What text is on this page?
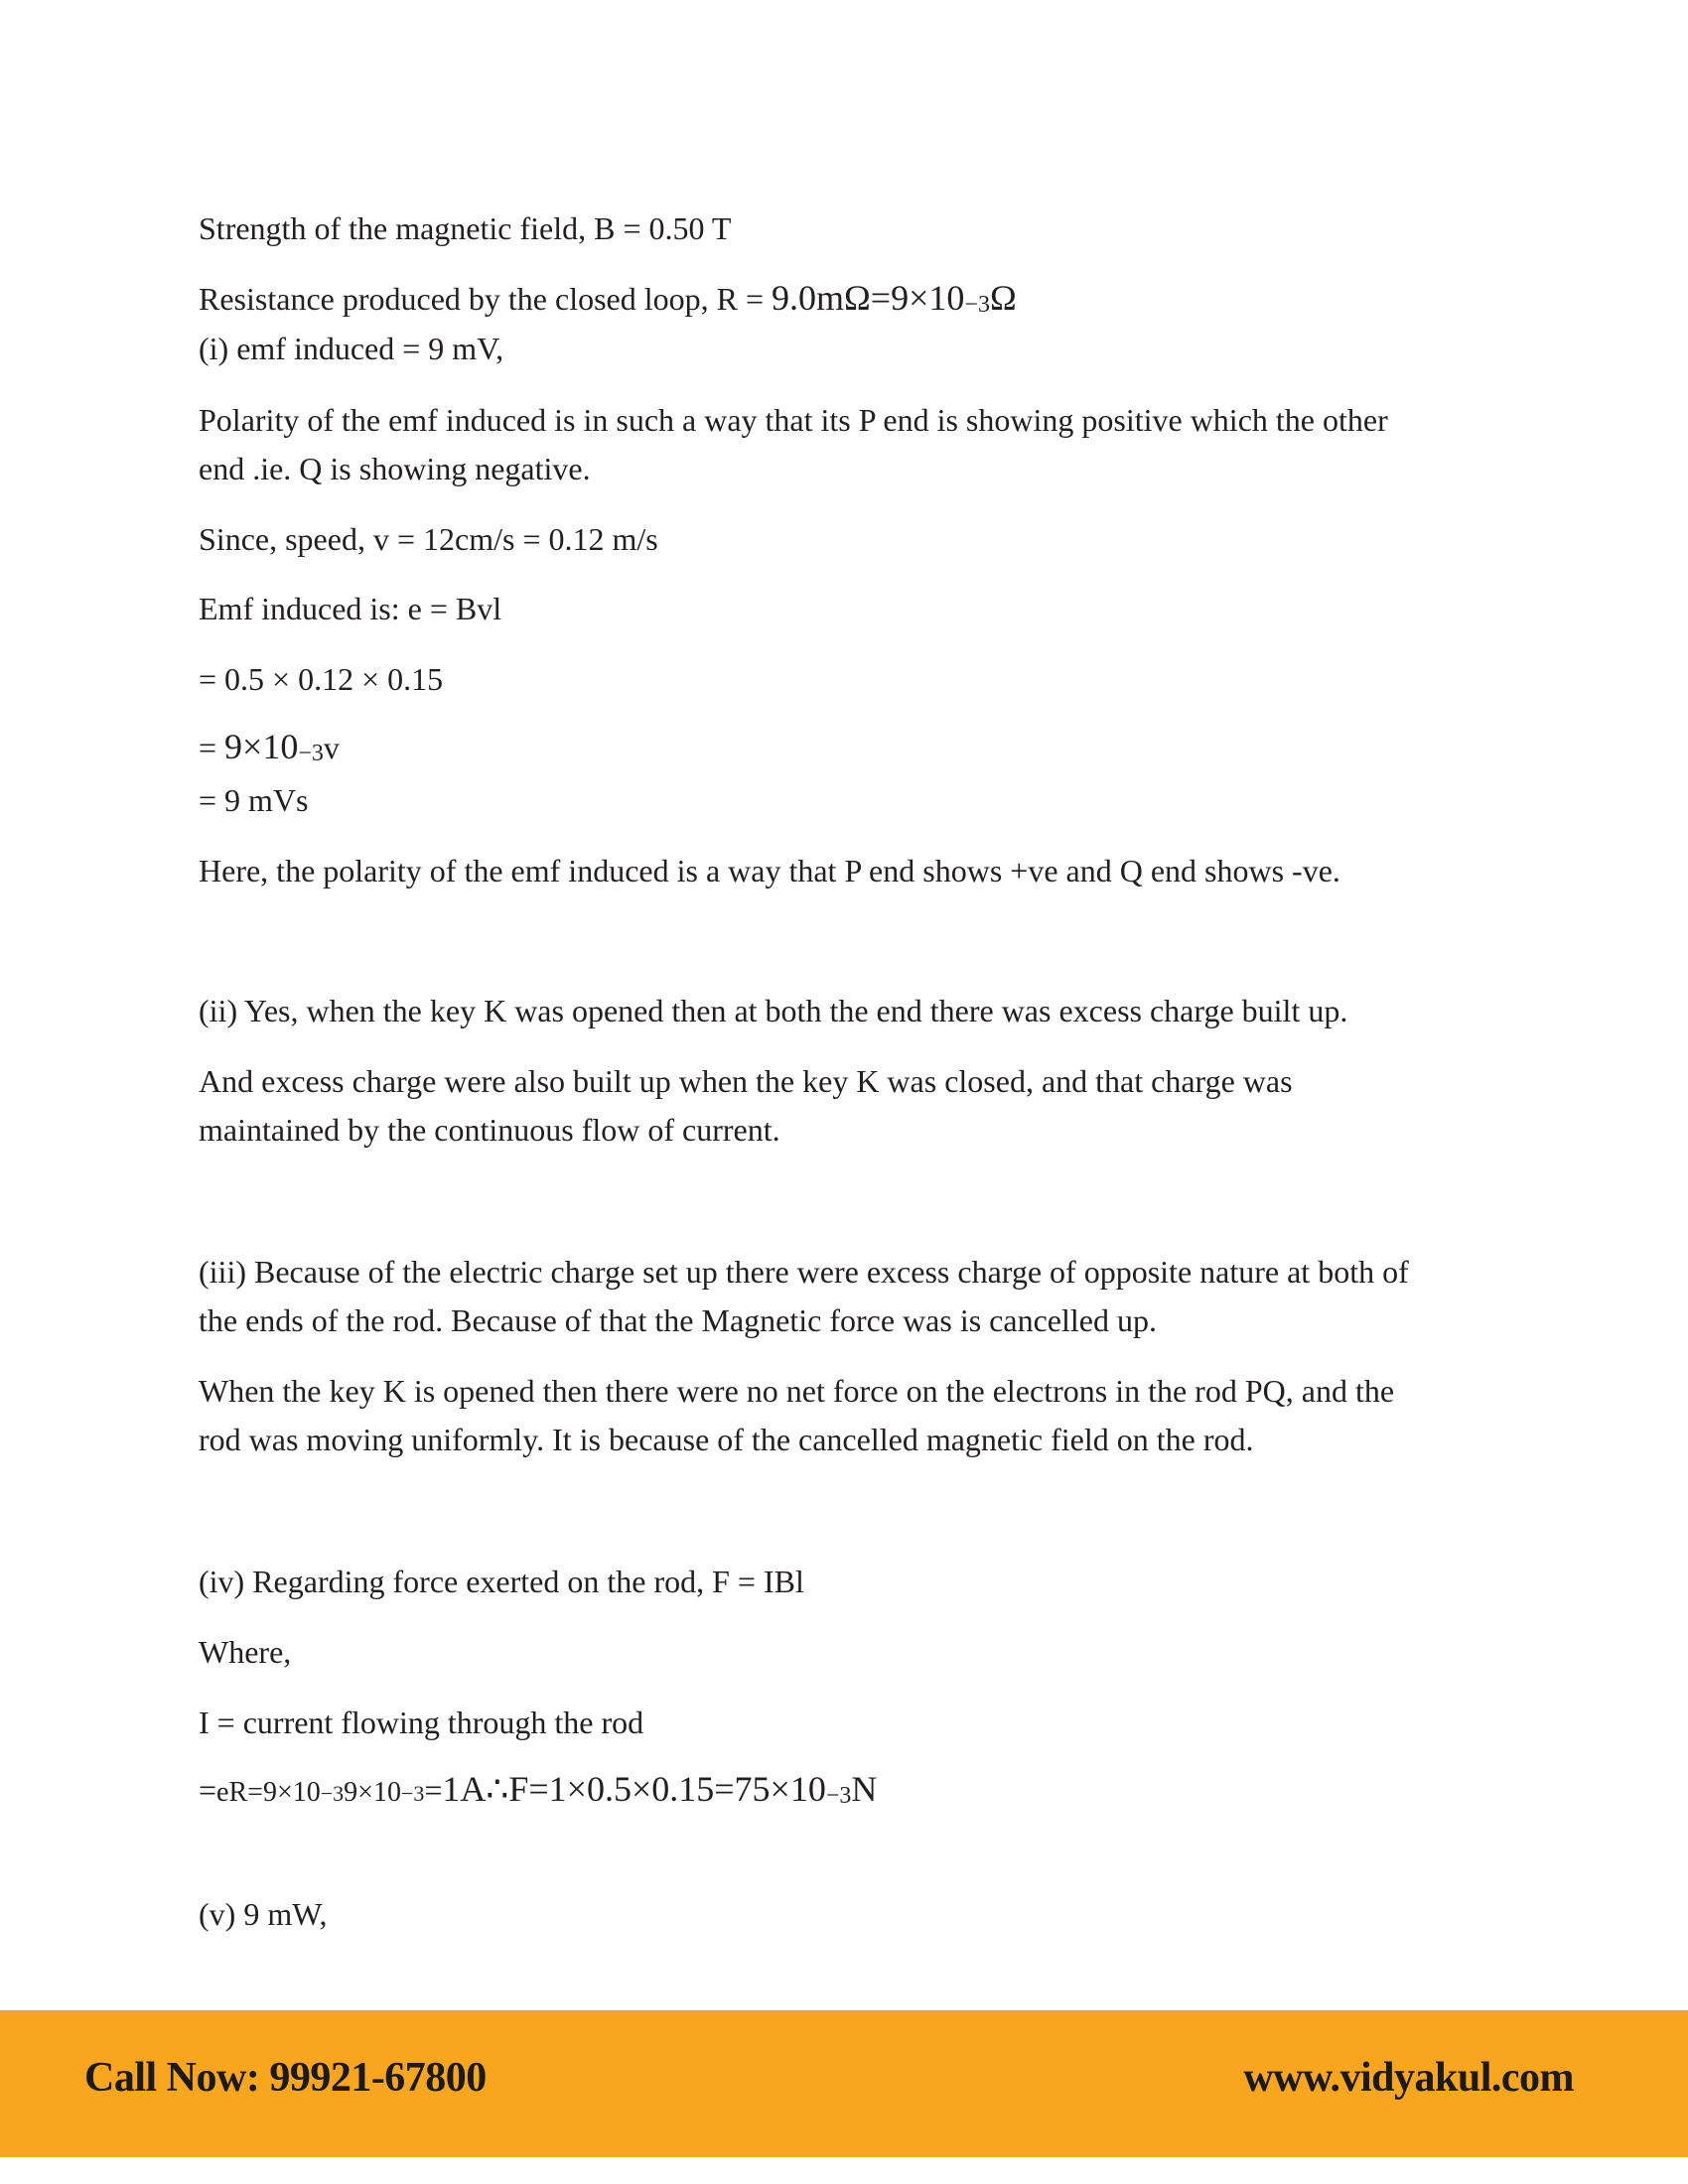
Strength of the magnetic field, B = 0.50 T

Resistance produced by the closed loop, R = 9.0mΩ=9×10−3Ω

(i) emf induced = 9 mV,

Polarity of the emf induced is in such a way that its P end is showing positive which the other

end .ie. Q is showing negative.

Since, speed, v = 12cm/s = 0.12 m/s

Emf induced is: e = Bvl

= 0.5 × 0.12 × 0.15

= 9×10−3v

= 9 mVs

Here, the polarity of the emf induced is a way that P end shows +ve and Q end shows -ve.

(ii) Yes, when the key K was opened then at both the end there was excess charge built up.

And excess charge were also built up when the key K was closed, and that charge was

maintained by the continuous flow of current.

(iii) Because of the electric charge set up there were excess charge of opposite nature at both of

the ends of the rod. Because of that the Magnetic force was is cancelled up.

When the key K is opened then there were no net force on the electrons in the rod PQ, and the

rod was moving uniformly. It is because of the cancelled magnetic field on the rod.

(iv) Regarding force exerted on the rod, F = IBl

Where,

I = current flowing through the rod

=eR=9×10−39×10−3=1A∴F=1×0.5×0.15=75×10−3N

(v) 9 mW,

Call Now: 99921-67800	www.vidyakul.com
